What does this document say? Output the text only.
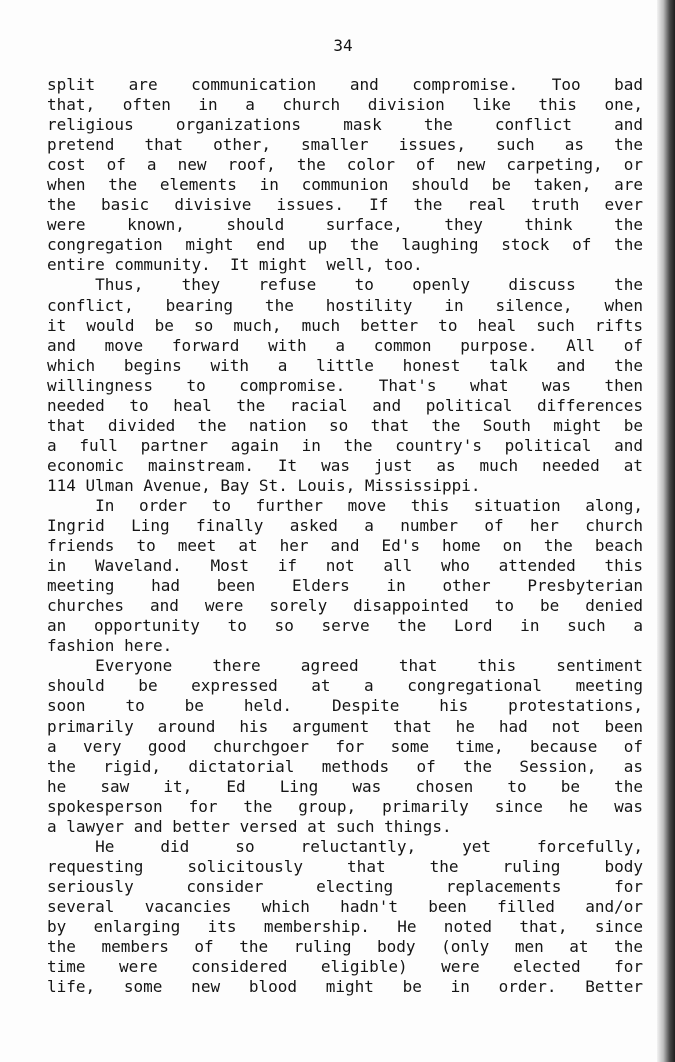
34
split are communication and compromise. Too bad
that, often in a church division like this one,
religious organizations mask the conflict and
pretend that other, smaller issues, such as the
cost of a new roof, the color of new carpeting, or
when the elements in communion should be taken, are
the basic divisive issues. If the real truth ever
were known, should surface, they think the
congregation might end up the laughing stock of the
entire community.  It might  well, too.
Thus, they refuse to openly discuss the
conflict, bearing the hostility in silence, when
it would be so much, much better to heal such rifts
and move forward with a common purpose. All of
which begins with a little honest talk and the
willingness to compromise. That's what was then
needed to heal the racial and political differences
that divided the nation so that the South might be
a full partner again in the country's political and
economic mainstream. It was just as much needed at
114 Ulman Avenue, Bay St. Louis, Mississippi.
In order to further move this situation along,
Ingrid Ling finally asked a number of her church
friends to meet at her and Ed's home on the beach
in Waveland. Most if not all who attended this
meeting had been Elders in other Presbyterian
churches and were sorely disappointed to be denied
an opportunity to so serve the Lord in such a
fashion here.
Everyone there agreed that this sentiment
should be expressed at a congregational meeting
soon to be held. Despite his protestations,
primarily around his argument that he had not been
a very good churchgoer for some time, because of
the rigid, dictatorial methods of the Session, as
he saw it, Ed Ling was chosen to be the
spokesperson for the group, primarily since he was
a lawyer and better versed at such things.
He did so reluctantly, yet forcefully,
requesting solicitously that the ruling body
seriously consider electing replacements for
several vacancies which hadn't been filled and/or
by enlarging its membership. He noted that, since
the members of the ruling body (only men at the
time were considered eligible) were elected for
life, some new blood might be in order. Better
